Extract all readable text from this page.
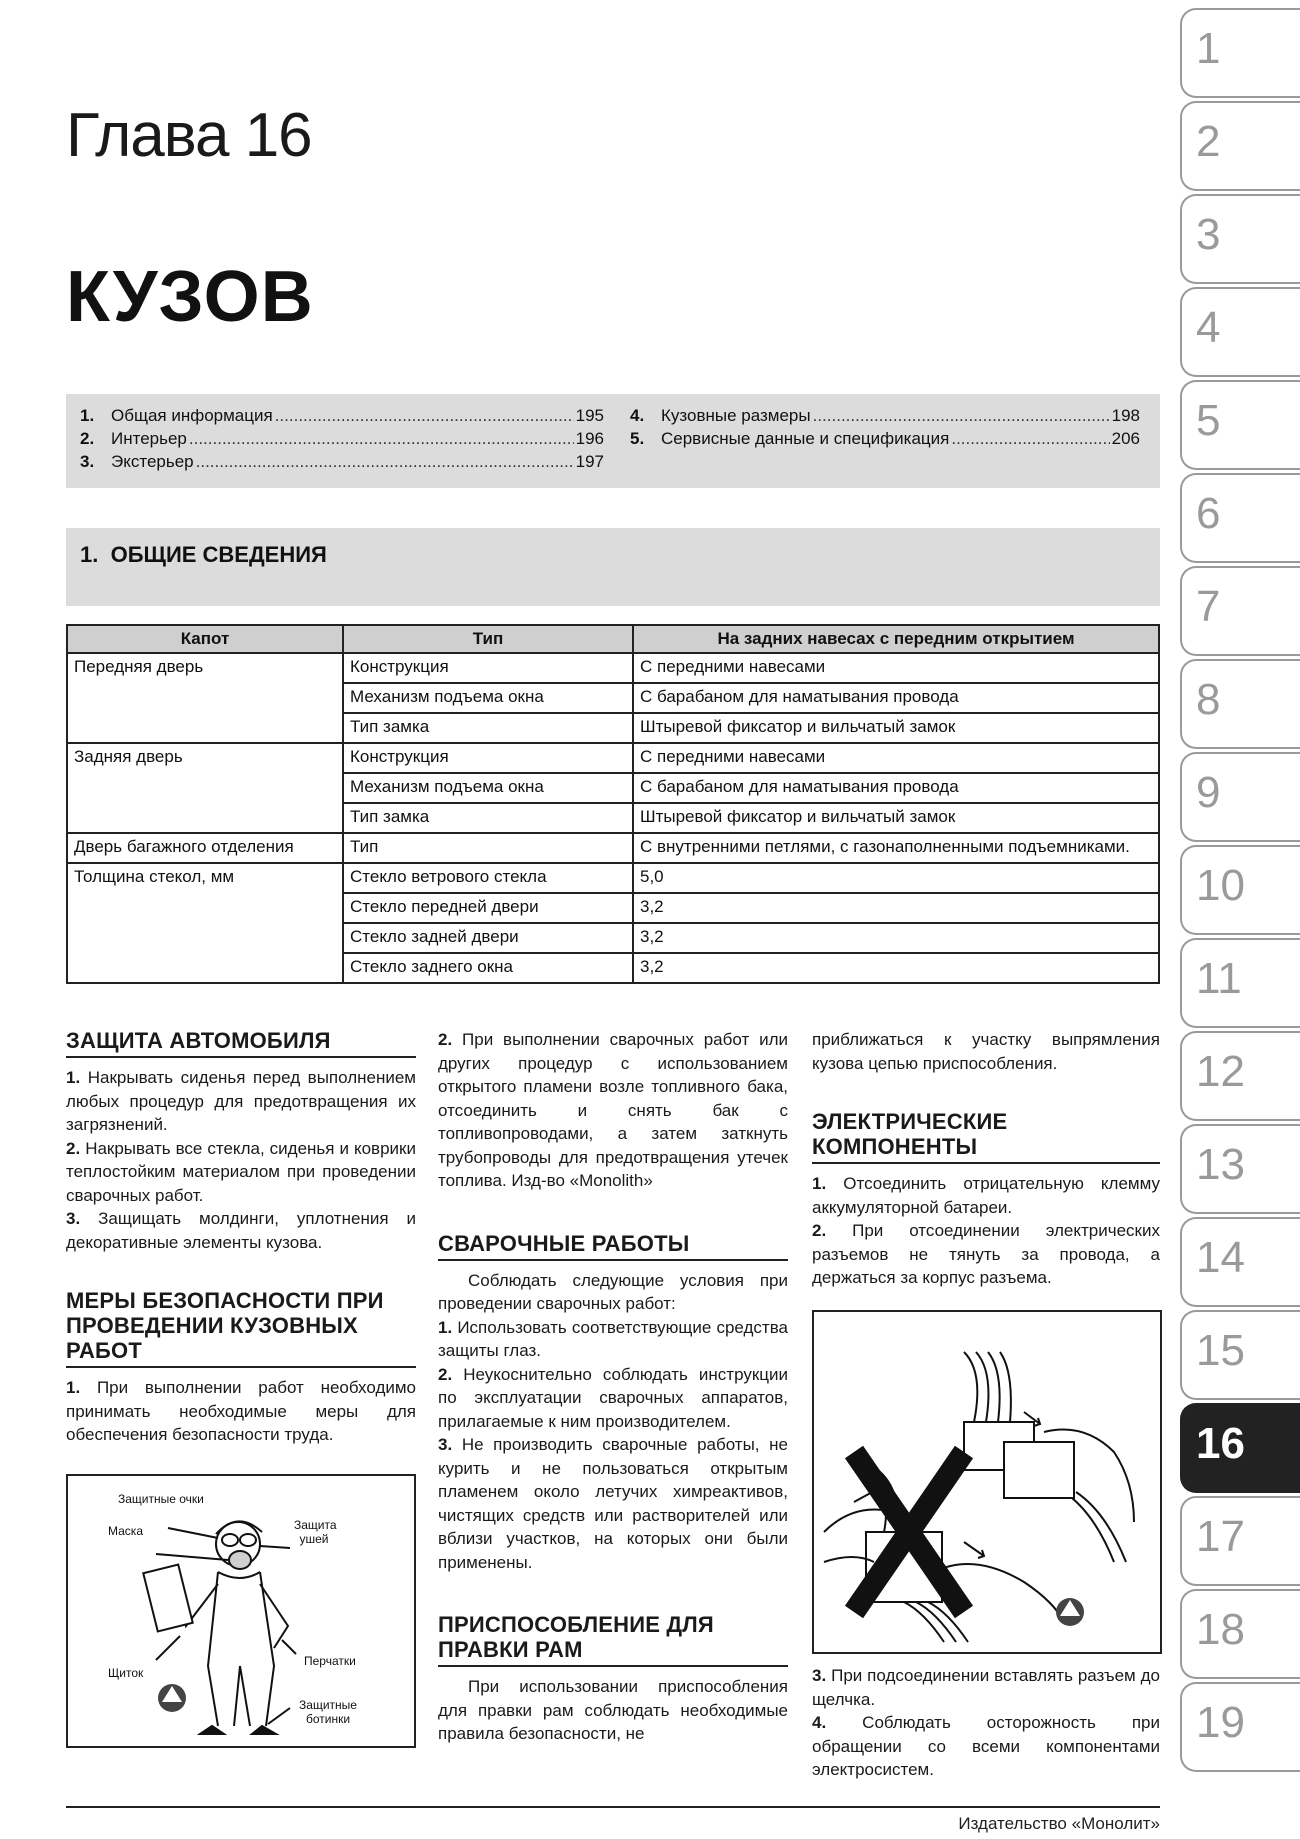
Глава 16
КУЗОВ
1. Общая информация .....	195
2. Интерьер .....	196
3. Экстерьер .....	197
4. Кузовные размеры .....	198
5. Сервисные данные и спецификация .....	206
1. ОБЩИЕ СВЕДЕНИЯ
Капот	Тип	На задних навесах с передним открытием
Передняя дверь	Конструкция	С передними навесами
	Механизм подъема окна	С барабаном для наматывания провода
	Тип замка	Штыревой фиксатор и вильчатый замок
Задняя дверь	Конструкция	С передними навесами
	Механизм подъема окна	С барабаном для наматывания провода
	Тип замка	Штыревой фиксатор и вильчатый замок
Дверь багажного отделения	Тип	С внутренними петлями, с газонаполненными подъемниками.
Толщина стекол, мм	Стекло ветрового стекла	5,0
	Стекло передней двери	3,2
	Стекло задней двери	3,2
	Стекло заднего окна	3,2
ЗАЩИТА АВТОМОБИЛЯ

1. Накрывать сиденья перед выполнением любых процедур для предотвращения их загрязнений.

2. Накрывать все стекла, сиденья и коврики теплостойким материалом при проведении сварочных работ.

3. Защищать молдинги, уплотнения и декоративные элементы кузова.

МЕРЫ БЕЗОПАСНОСТИ ПРИ ПРОВЕДЕНИИ КУЗОВНЫХ РАБОТ

1. При выполнении работ необходимо принимать необходимые меры для обеспечения безопасности труда.

Защитные очки
Маска	Защита ушей
Щиток
Перчатки
Защитные ботинки

2. При выполнении сварочных работ или других процедур с использованием открытого пламени возле топливного бака, отсоединить и снять бак с топливопроводами, а затем заткнуть трубопроводы для предотвращения утечек топлива. Изд-во «Monolith»

СВАРОЧНЫЕ РАБОТЫ

Соблюдать следующие условия при проведении сварочных работ:

1. Использовать соответствующие средства защиты глаз.

2. Неукоснительно соблюдать инструкции по эксплуатации сварочных аппаратов, прилагаемые к ним производителем.

3. Не производить сварочные работы, не курить и не пользоваться открытым пламенем около летучих химреактивов, чистящих средств или растворителей или вблизи участков, на которых они были применены.

ПРИСПОСОБЛЕНИЕ ДЛЯ ПРАВКИ РАМ

При использовании приспособления для правки рам соблюдать необходимые правила безопасности, не

приближаться к участку выпрямления кузова цепью приспособления.

ЭЛЕКТРИЧЕСКИЕ КОМПОНЕНТЫ

1. Отсоединить отрицательную клемму аккумуляторной батареи.

2. При отсоединении электрических разъемов не тянуть за провода, а держаться за корпус разъема.

3. При подсоединении вставлять разъем до щелчка.

4. Соблюдать осторожность при обращении со всеми компонентами электросистем.

1
2
3
4
5
6
7
8
9
10
11
12
13
14
15
16
17
18
19
Издательство «Монолит»
